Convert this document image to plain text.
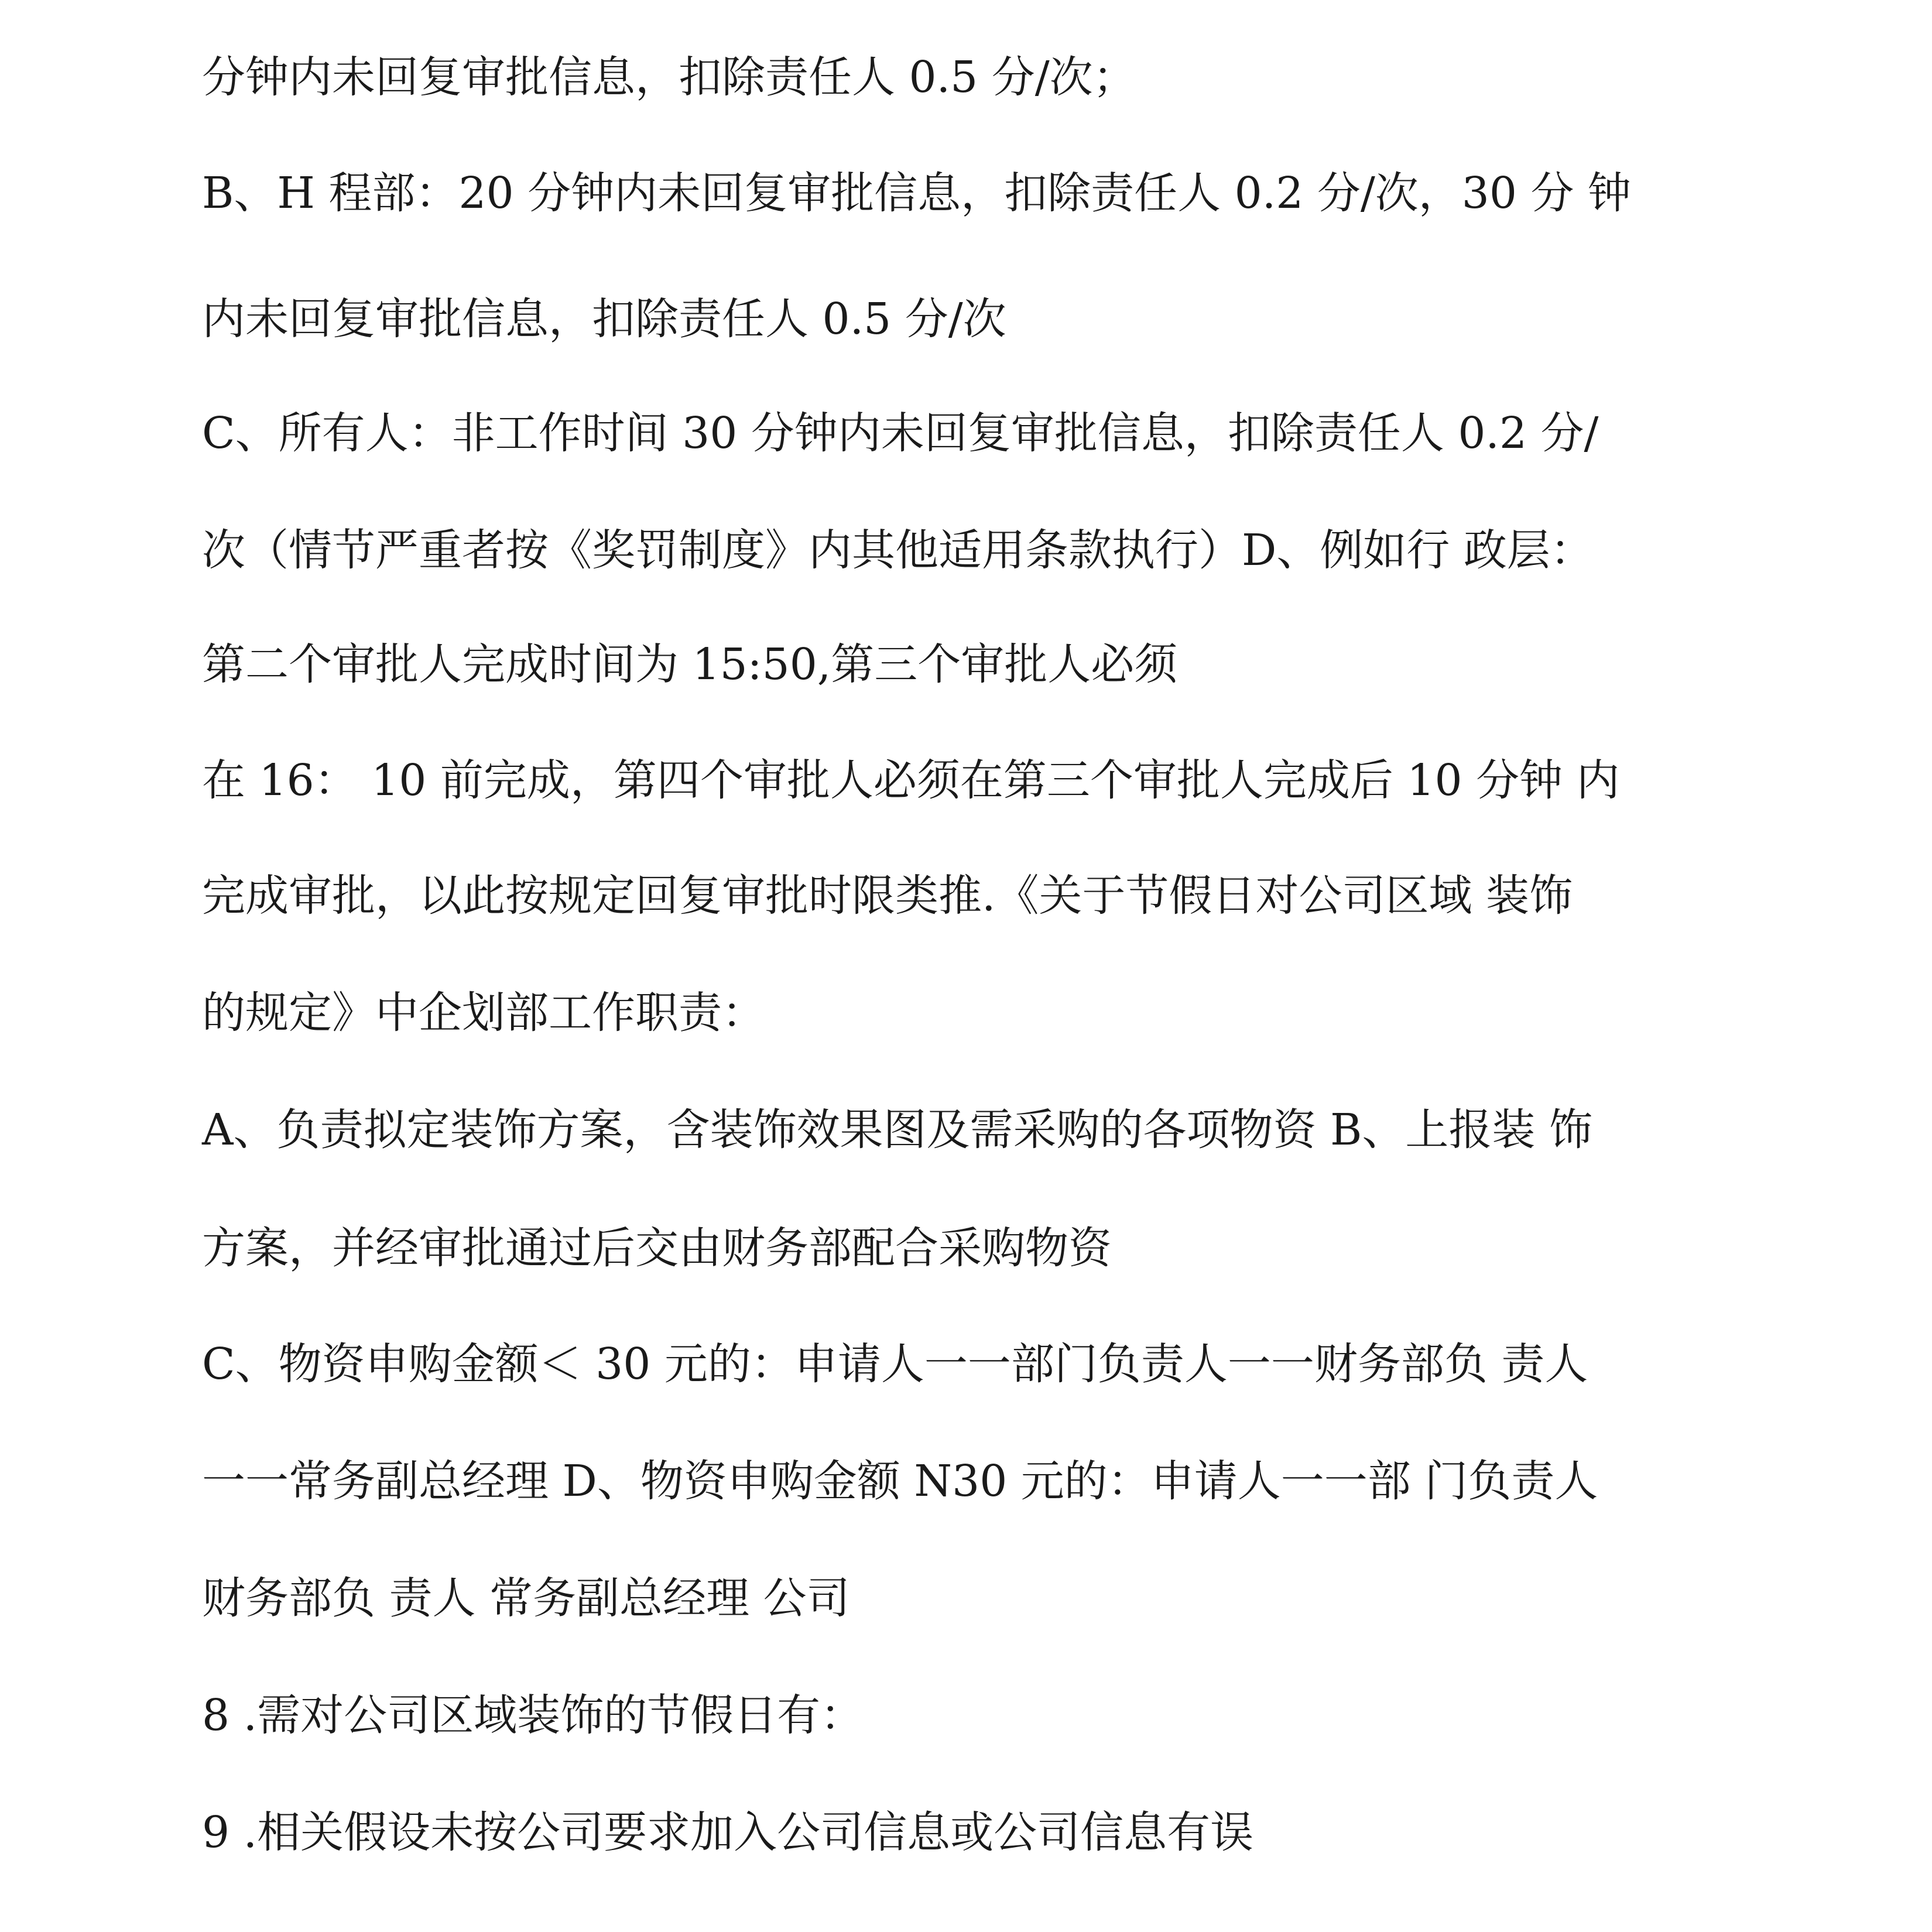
分钟内未回复审批信息，扣除责任人 0.5 分/次；
B、H 程部：20 分钟内未回复审批信息，扣除责任人 0.2 分/次，30 分 钟
内未回复审批信息，扣除责任人 0.5 分/次
C、所有人：非工作时间 30 分钟内未回复审批信息，扣除责任人 0.2 分/
次（情节严重者按《奖罚制度》内其他适用条款执行）D、例如行 政层：
第二个审批人完成时间为 15:50,第三个审批人必须
在 16： 10 前完成，第四个审批人必须在第三个审批人完成后 10 分钟 内
完成审批，以此按规定回复审批时限类推.《关于节假日对公司区域 装饰
的规定》中企划部工作职责：
A、负责拟定装饰方案，含装饰效果图及需采购的各项物资 B、上报装 饰
方案，并经审批通过后交由财务部配合采购物资
C、物资申购金额＜ 30 元的：申请人一一部门负责人一一财务部负 责人
一一常务副总经理 D、物资申购金额 N30 元的：申请人一一部 门负责人
财务部负 责人 常务副总经理 公司
8 .需对公司区域装饰的节假日有：
9 .相关假设未按公司要求加入公司信息或公司信息有误
